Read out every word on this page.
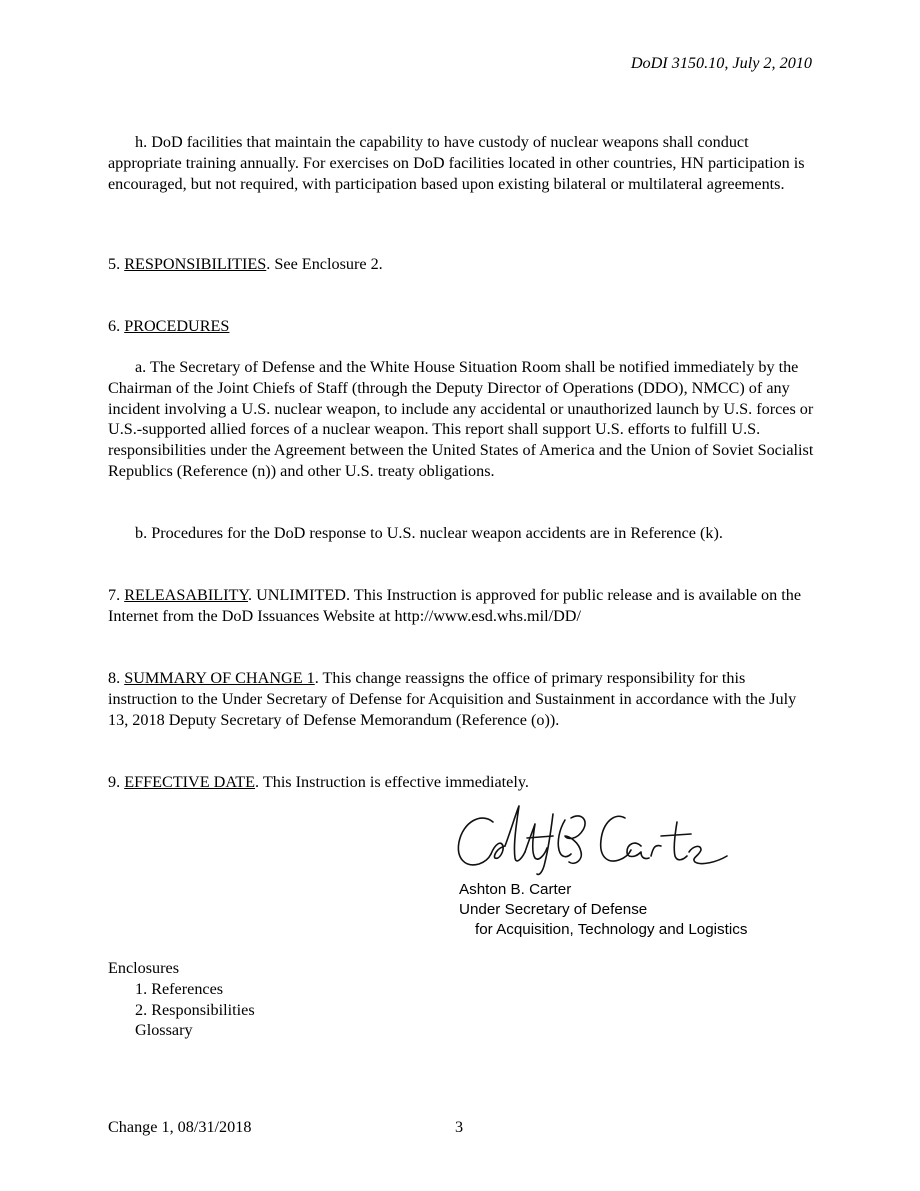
DoDI 3150.10, July 2, 2010

h. DoD facilities that maintain the capability to have custody of nuclear weapons shall conduct appropriate training annually. For exercises on DoD facilities located in other countries, HN participation is encouraged, but not required, with participation based upon existing bilateral or multilateral agreements.

5. RESPONSIBILITIES. See Enclosure 2.

6. PROCEDURES

a. The Secretary of Defense and the White House Situation Room shall be notified immediately by the Chairman of the Joint Chiefs of Staff (through the Deputy Director of Operations (DDO), NMCC) of any incident involving a U.S. nuclear weapon, to include any accidental or unauthorized launch by U.S. forces or U.S.-supported allied forces of a nuclear weapon. This report shall support U.S. efforts to fulfill U.S. responsibilities under the Agreement between the United States of America and the Union of Soviet Socialist Republics (Reference (n)) and other U.S. treaty obligations.

b. Procedures for the DoD response to U.S. nuclear weapon accidents are in Reference (k).

7. RELEASABILITY. UNLIMITED. This Instruction is approved for public release and is available on the Internet from the DoD Issuances Website at http://www.esd.whs.mil/DD/

8. SUMMARY OF CHANGE 1. This change reassigns the office of primary responsibility for this instruction to the Under Secretary of Defense for Acquisition and Sustainment in accordance with the July 13, 2018 Deputy Secretary of Defense Memorandum (Reference (o)).

9. EFFECTIVE DATE. This Instruction is effective immediately.

Ashton B. Carter
Under Secretary of Defense
for Acquisition, Technology and Logistics
Enclosures
1. References
2. Responsibilities
Glossary
Change 1, 08/31/2018	3
